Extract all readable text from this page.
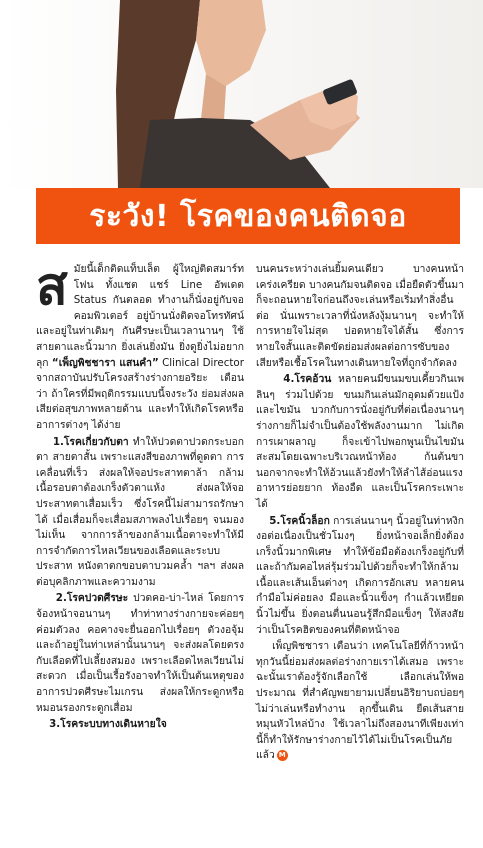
ระวัง! โรคของคนติดจอ

สมัยนี้เด็กติดแท็บเล็ต ผู้ใหญ่ติดสมาร์ทโฟน ทั้งแชต แชร์ Line อัพเดต Status กันตลอด ทำงานก็นั่งอยู่กับจอคอมพิวเตอร์ อยู่บ้านนั่งติดจอโทรทัศน์ และอยู่ในท่าเดิมๆ กันศีรษะเป็นเวลานานๆ ใช้สายตาและนิ้วมาก ยิ่งเล่นยิ่งมัน ยิ่งดูยิ่งไม่อยากลุก “เพ็ญพิชชารา แสนคำ” Clinical Director จากสถาบันปรับโครงสร้างร่างกายอริยะ เตือนว่า ถ้าใครที่มีพฤติกรรมแบบนี้จงระวัง ย่อมส่งผลเสียต่อสุขภาพหลายด้าน และทำให้เกิดโรคหรืออาการต่างๆ ได้ง่าย

1.โรคเกี่ยวกับตา ทำให้ปวดตาปวดกระบอกตา สายตาสั้น เพราะแสงสีของภาพที่ดูดตา การเคลื่อนที่เร็ว ส่งผลให้จอประสาทตาล้า กล้ามเนื้อรอบตาต้องเกร็งตัวตาแห้ง ส่งผลให้จอประสาทตาเสื่อมเร็ว ซึ่งโรคนี้ไม่สามารถรักษาได้ เมื่อเสื่อมก็จะเสื่อมสภาพลงไปเรื่อยๆ จนมองไม่เห็น จากการล้าของกล้ามเนื้อตาจะทำให้มีการจำกัดการไหลเวียนของเลือดและระบบประสาท หนังตาตกขอบตาบวมคล้ำ ฯลฯ ส่งผลต่อบุคลิกภาพและความงาม

2.โรคปวดศีรษะ ปวดคอ-บ่า-ไหล่ โดยการจ้องหน้าจอนานๆ ทำท่าทางร่างกายจะค่อยๆ ค่อมตัวลง คอคางจะยื่นออกไปเรื่อยๆ ตัวงอจุ้ม และถ้าอยู่ในท่าเหล่านั้นนานๆ จะส่งผลโดยตรงกับเลือดที่ไปเลี้ยงสมอง เพราะเลือดไหลเวียนไม่สะดวก เมื่อเป็นเรื้อรังอาจทำให้เป็นต้นเหตุของอาการปวดศีรษะไมเกรน ส่งผลให้กระดูกหรือหมอนรองกระดูกเสื่อม

3.โรคระบบทางเดินหายใจ

บนคนระหว่างเล่นยิ้มคนเดียว บางคนหน้าเคร่งเครียด บางคนกัมจนติดจอ เมื่อยืดตัวขึ้นมาก็จะถอนหายใจก่อนถึงจะเล่นหรือเริ่มทำสิ่งอื่นต่อ นั่นเพราะเวลาที่นั่งหลังงุ้มนานๆ จะทำให้การหายใจไม่สุด ปอดหายใจได้สั้น ซึ่งการหายใจสั้นและติดขัดย่อมส่งผลต่อการซับของเสียหรือเชื้อโรคในทางเดินหายใจที่ถูกจำกัดลง

4.โรคอ้วน หลายคนมีขนมขบเคี้ยวกินเพลินๆ ร่วมไปด้วย ขนมกินเล่นมักอุดมด้วยแป้งและไขมัน บวกกับการนั่งอยู่กับที่ต่อเนื่องนานๆ ร่างกายก็ไม่จำเป็นต้องใช้พลังงานมาก ไม่เกิดการเผาผลาญ ก็จะเข้าไปพอกพูนเป็นไขมันสะสมโดยเฉพาะบริเวณหน้าท้อง ก้นต้นขา นอกจากจะทำให้อ้วนแล้วยังทำให้ลำไส้อ่อนแรง อาหารย่อยยาก ท้องอืด และเป็นโรคกระเพาะได้

5.โรคนิ้วล็อก การเล่นนานๆ นิ้วอยู่ในท่าหงิกงอต่อเนื่องเป็นชั่วโมงๆ ยิ่งหน้าจอเล็กยิ่งต้องเกร็งนิ้วมากพิเศษ ทำให้ข้อมือต้องเกร็งอยู่กับที่ และถ้ากัมคอไหล่รุ้มร่วมไปด้วยก็จะทำให้กล้ามเนื้อและเส้นเอ็นต่างๆ เกิดการอักเสบ หลายคนกำมือไม่ค่อยลง มือและนิ้วแข็งๆ กำแล้วเหยียดนิ้วไม่ขึ้น ยิ่งตอนตื่นนอนรู้สึกมือแข็งๆ ให้สงสัยว่าเป็นโรคฮิตของคนที่ติดหน้าจอ

เพ็ญพิชชารา เตือนว่า เทคโนโลยีที่ก้าวหน้าทุกวันนี้ย่อมส่งผลต่อร่างกายเราได้เสมอ เพราะฉะนั้นเราต้องรู้จักเลือกใช้ เลือกเล่นให้พอประมาณ ที่สำคัญพยายามเปลี่ยนอิริยาบถบ่อยๆ ไม่ว่าเล่นหรือทำงาน ลุกขึ้นเดิน ยืดเส้นสาย หมุนหัวไหล่บ้าง ใช้เวลาไม่ถึงสองนาทีเพียงเท่านี้ก็ทำให้รักษาร่างกายไว้ได้ไม่เป็นโรคเป็นภัยแล้ว M
